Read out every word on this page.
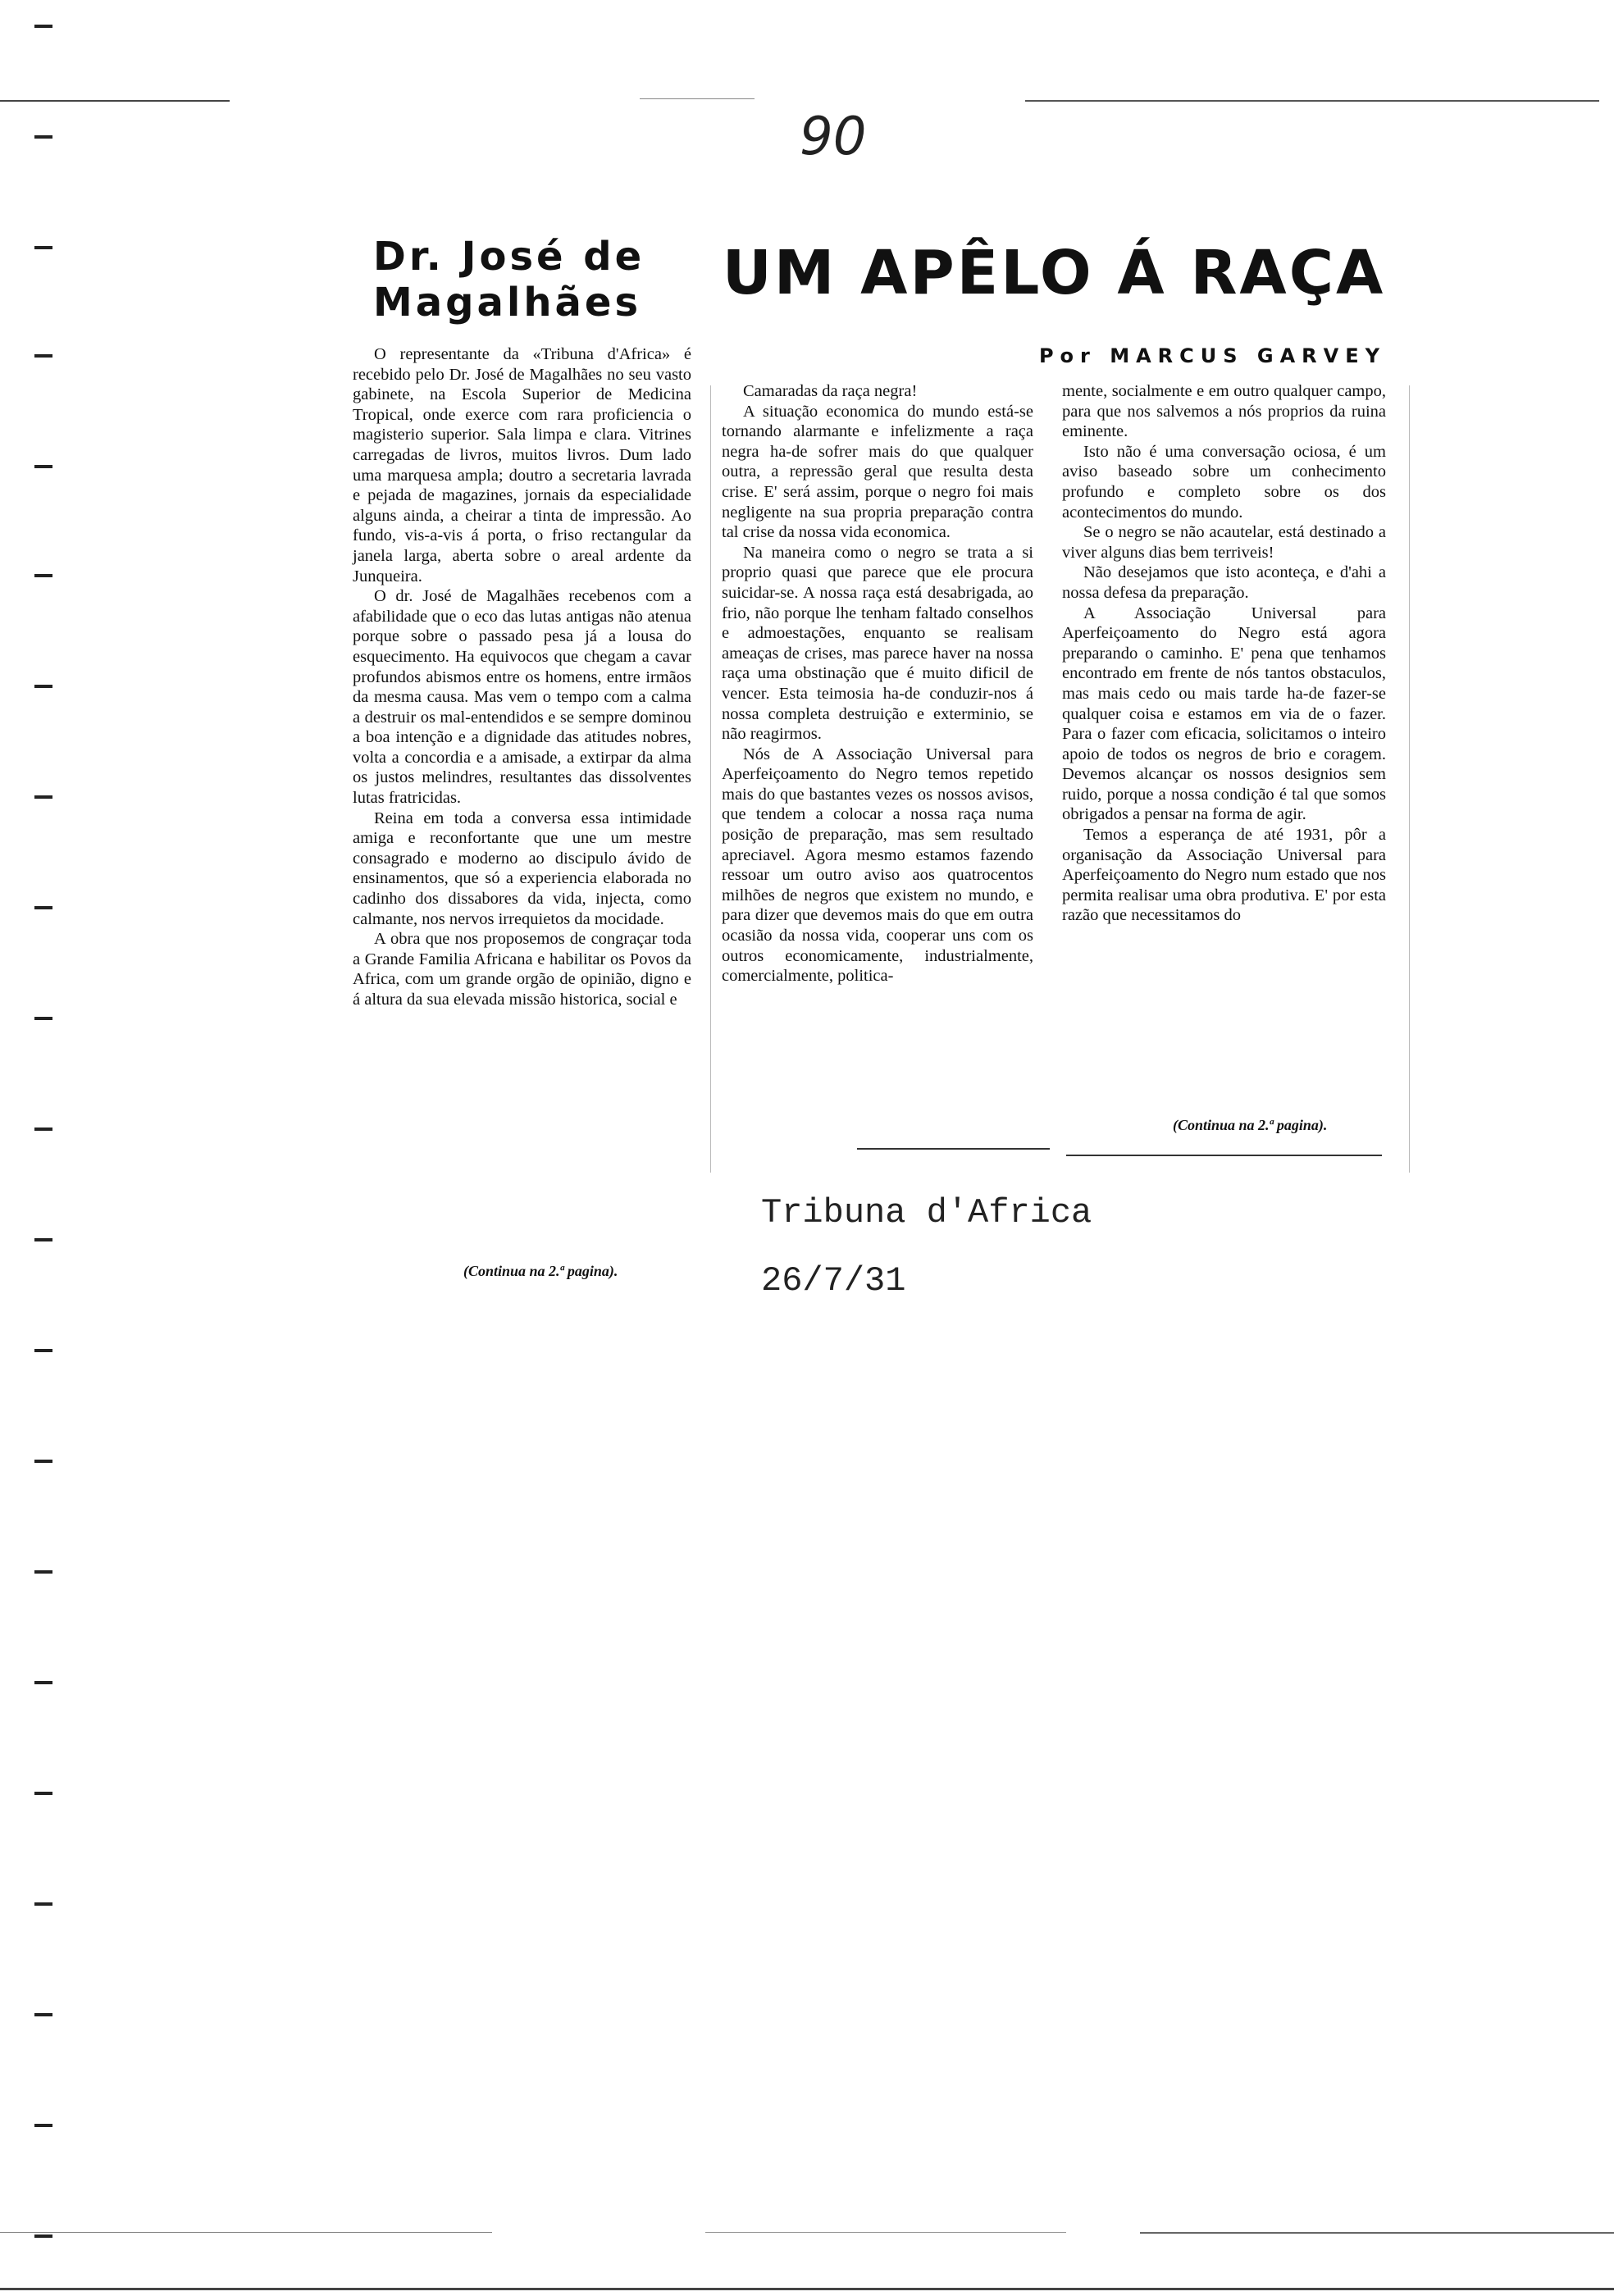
90
Dr. José de
Magalhães

O representante da «Tribuna d'Africa» é recebido pelo Dr. José de Magalhães no seu vasto gabinete, na Escola Superior de Medicina Tropical, onde exerce com rara proficiencia o magisterio superior. Sala limpa e clara. Vitrines carregadas de livros, muitos livros. Dum lado uma marquesa ampla; doutro a secretaria lavrada e pejada de magazines, jornais da especialidade alguns ainda, a cheirar a tinta de impressão. Ao fundo, vis-a-vis á porta, o friso rectangular da janela larga, aberta sobre o areal ardente da Junqueira.

O dr. José de Magalhães recebenos com a afabilidade que o eco das lutas antigas não atenua porque sobre o passado pesa já a lousa do esquecimento. Ha equivocos que chegam a cavar profundos abismos entre os homens, entre irmãos da mesma causa. Mas vem o tempo com a calma a destruir os mal-entendidos e se sempre dominou a boa intenção e a dignidade das atitudes nobres, volta a concordia e a amisade, a extirpar da alma os justos melindres, resultantes das dissolventes lutas fratricidas.

Reina em toda a conversa essa intimidade amiga e reconfortante que une um mestre consagrado e moderno ao discipulo ávido de ensinamentos, que só a experiencia elaborada no cadinho dos dissabores da vida, injecta, como calmante, nos nervos irrequietos da mocidade.

A obra que nos proposemos de congraçar toda a Grande Familia Africana e habilitar os Povos da Africa, com um grande orgão de opinião, digno e á altura da sua elevada missão historica, social e

(Continua na 2.ª pagina).
UM APÊLO Á RAÇA
Por MARCUS GARVEY

Camaradas da raça negra!

A situação economica do mundo está-se tornando alarmante e infelizmente a raça negra ha-de sofrer mais do que qualquer outra, a repressão geral que resulta desta crise. E' será assim, porque o negro foi mais negligente na sua propria preparação contra tal crise da nossa vida economica.

Na maneira como o negro se trata a si proprio quasi que parece que ele procura suicidar-se. A nossa raça está desabrigada, ao frio, não porque lhe tenham faltado conselhos e admoestações, enquanto se realisam ameaças de crises, mas parece haver na nossa raça uma obstinação que é muito dificil de vencer. Esta teimosia ha-de conduzir-nos á nossa completa destruição e exterminio, se não reagirmos.

Nós de A Associação Universal para Aperfeiçoamento do Negro temos repetido mais do que bastantes vezes os nossos avisos, que tendem a colocar a nossa raça numa posição de preparação, mas sem resultado apreciavel. Agora mesmo estamos fazendo ressoar um outro aviso aos quatrocentos milhões de negros que existem no mundo, e para dizer que devemos mais do que em outra ocasião da nossa vida, cooperar uns com os outros economicamente, industrialmente, comercialmente, politica-

mente, socialmente e em outro qualquer campo, para que nos salvemos a nós proprios da ruina eminente.

Isto não é uma conversação ociosa, é um aviso baseado sobre um conhecimento profundo e completo sobre os dos acontecimentos do mundo.

Se o negro se não acautelar, está destinado a viver alguns dias bem terriveis!

Não desejamos que isto aconteça, e d'ahi a nossa defesa da preparação.

A Associação Universal para Aperfeiçoamento do Negro está agora preparando o caminho. E' pena que tenhamos encontrado em frente de nós tantos obstaculos, mas mais cedo ou mais tarde ha-de fazer-se qualquer coisa e estamos em via de o fazer. Para o fazer com eficacia, solicitamos o inteiro apoio de todos os negros de brio e coragem. Devemos alcançar os nossos designios sem ruido, porque a nossa condição é tal que somos obrigados a pensar na forma de agir.

Temos a esperança de até 1931, pôr a organisação da Associação Universal para Aperfeiçoamento do Negro num estado que nos permita realisar uma obra produtiva. E' por esta razão que necessitamos do

(Continua na 2.ª pagina).
Tribuna d'Africa
26/7/31
